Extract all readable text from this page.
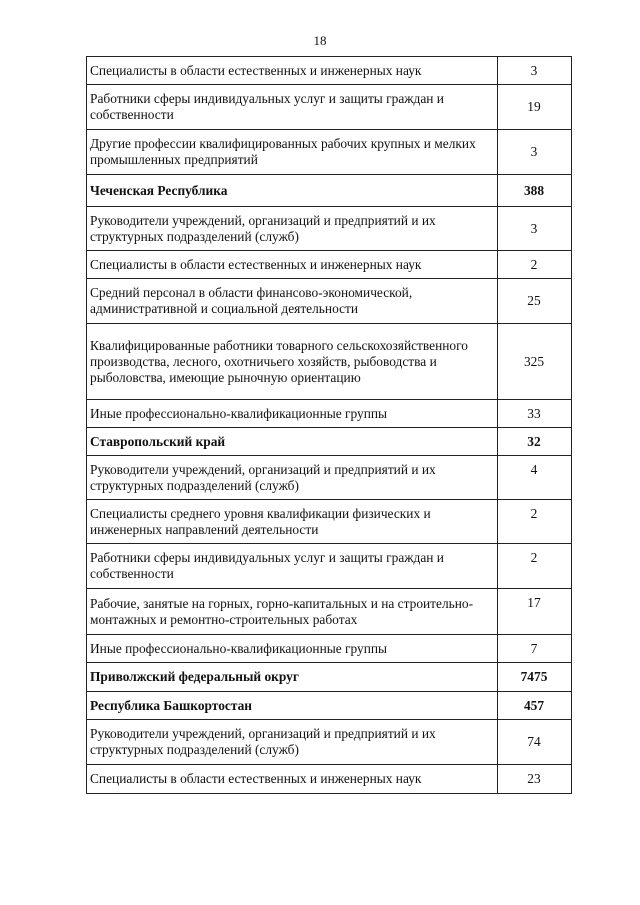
18
Специалисты в области естественных и инженерных наук	3
Работники сферы индивидуальных услуг и защиты граждан и собственности	19
Другие профессии квалифицированных рабочих крупных и мелких промышленных предприятий	3
Чеченская Республика	388
Руководители учреждений, организаций и предприятий и их структурных подразделений (служб)	3
Специалисты в области естественных и инженерных наук	2
Средний персонал в области финансово-экономической, административной и социальной деятельности	25
Квалифицированные работники товарного сельскохозяйственного производства, лесного, охотничьего хозяйств, рыбоводства и рыболовства, имеющие рыночную ориентацию	325
Иные профессионально-квалификационные группы	33
Ставропольский край	32
Руководители учреждений, организаций и предприятий и их структурных подразделений (служб)	4
Специалисты среднего уровня квалификации физических и инженерных направлений деятельности	2
Работники сферы индивидуальных услуг и защиты граждан и собственности	2
Рабочие, занятые на горных, горно-капитальных и на строительно-монтажных и ремонтно-строительных работах	17
Иные профессионально-квалификационные группы	7
Приволжский федеральный округ	7475
Республика Башкортостан	457
Руководители учреждений, организаций и предприятий и их структурных подразделений (служб)	74
Специалисты в области естественных и инженерных наук	23
